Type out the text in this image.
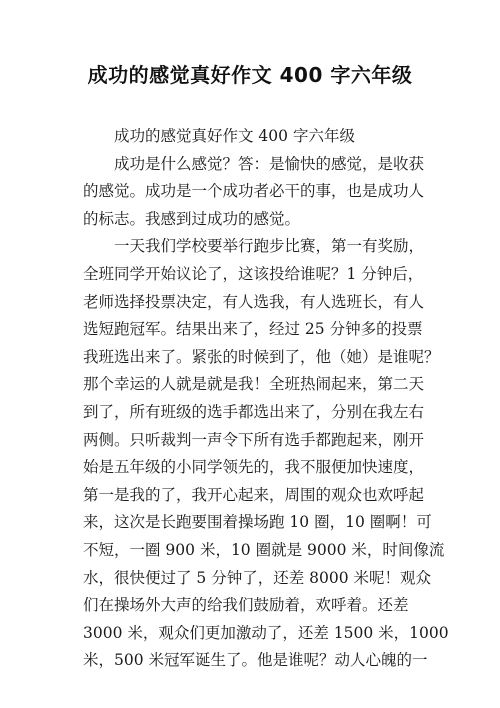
成功的感觉真好作文 400 字六年级

成功的感觉真好作文 400 字六年级

成功是什么感觉？答：是愉快的感觉，是收获
的感觉。成功是一个成功者必干的事，也是成功人
的标志。我感到过成功的感觉。

一天我们学校要举行跑步比赛，第一有奖励，
全班同学开始议论了，这该投给谁呢？1 分钟后，
老师选择投票决定，有人选我，有人选班长，有人
选短跑冠军。结果出来了，经过 25 分钟多的投票
我班选出来了。紧张的时候到了，他（她）是谁呢？
那个幸运的人就是就是我！全班热闹起来，第二天
到了，所有班级的选手都选出来了，分别在我左右
两侧。只听裁判一声令下所有选手都跑起来，刚开
始是五年级的小同学领先的，我不服便加快速度，
第一是我的了，我开心起来，周围的观众也欢呼起
来，这次是长跑要围着操场跑 10 圈，10 圈啊！可
不短，一圈 900 米，10 圈就是 9000 米，时间像流
水，很快便过了 5 分钟了，还差 8000 米呢！观众
们在操场外大声的给我们鼓励着，欢呼着。还差
3000 米，观众们更加激动了，还差 1500 米，1000
米，500 米冠军诞生了。他是谁呢？动人心魄的一
